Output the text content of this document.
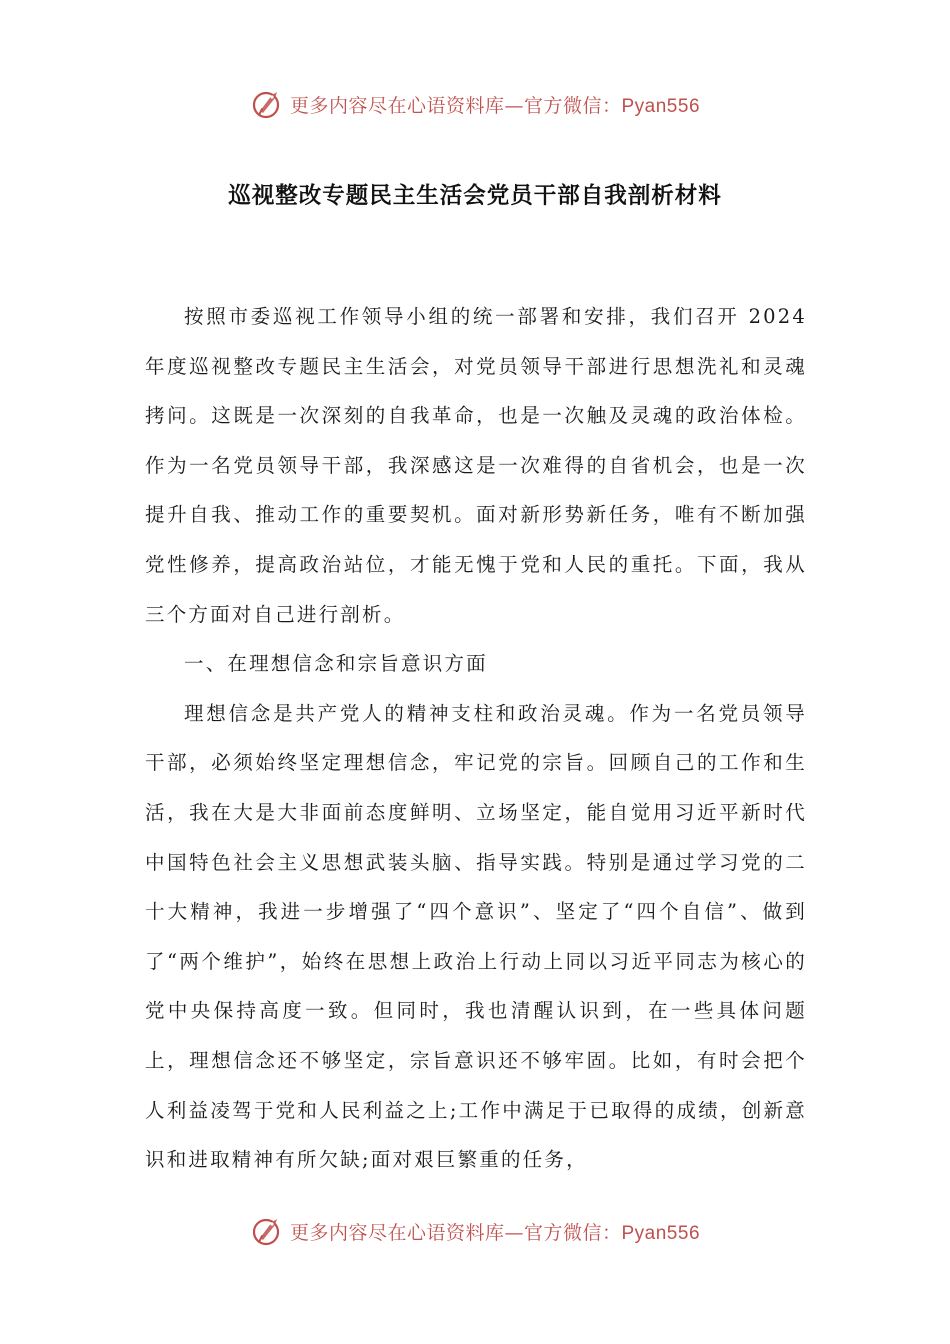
更多内容尽在心语资料库—官方微信：Pyan556
巡视整改专题民主生活会党员干部自我剖析材料

按照市委巡视工作领导小组的统一部署和安排，我们召开 2024年度巡视整改专题民主生活会，对党员领导干部进行思想洗礼和灵魂拷问。这既是一次深刻的自我革命，也是一次触及灵魂的政治体检。作为一名党员领导干部，我深感这是一次难得的自省机会，也是一次提升自我、推动工作的重要契机。面对新形势新任务，唯有不断加强党性修养，提高政治站位，才能无愧于党和人民的重托。下面，我从三个方面对自己进行剖析。

一、在理想信念和宗旨意识方面

理想信念是共产党人的精神支柱和政治灵魂。作为一名党员领导干部，必须始终坚定理想信念，牢记党的宗旨。回顾自己的工作和生活，我在大是大非面前态度鲜明、立场坚定，能自觉用习近平新时代中国特色社会主义思想武装头脑、指导实践。特别是通过学习党的二十大精神，我进一步增强了“四个意识”、坚定了“四个自信”、做到了“两个维护”，始终在思想上政治上行动上同以习近平同志为核心的党中央保持高度一致。但同时，我也清醒认识到，在一些具体问题上，理想信念还不够坚定，宗旨意识还不够牢固。比如，有时会把个人利益凌驾于党和人民利益之上;工作中满足于已取得的成绩，创新意识和进取精神有所欠缺;面对艰巨繁重的任务，

更多内容尽在心语资料库—官方微信：Pyan556
